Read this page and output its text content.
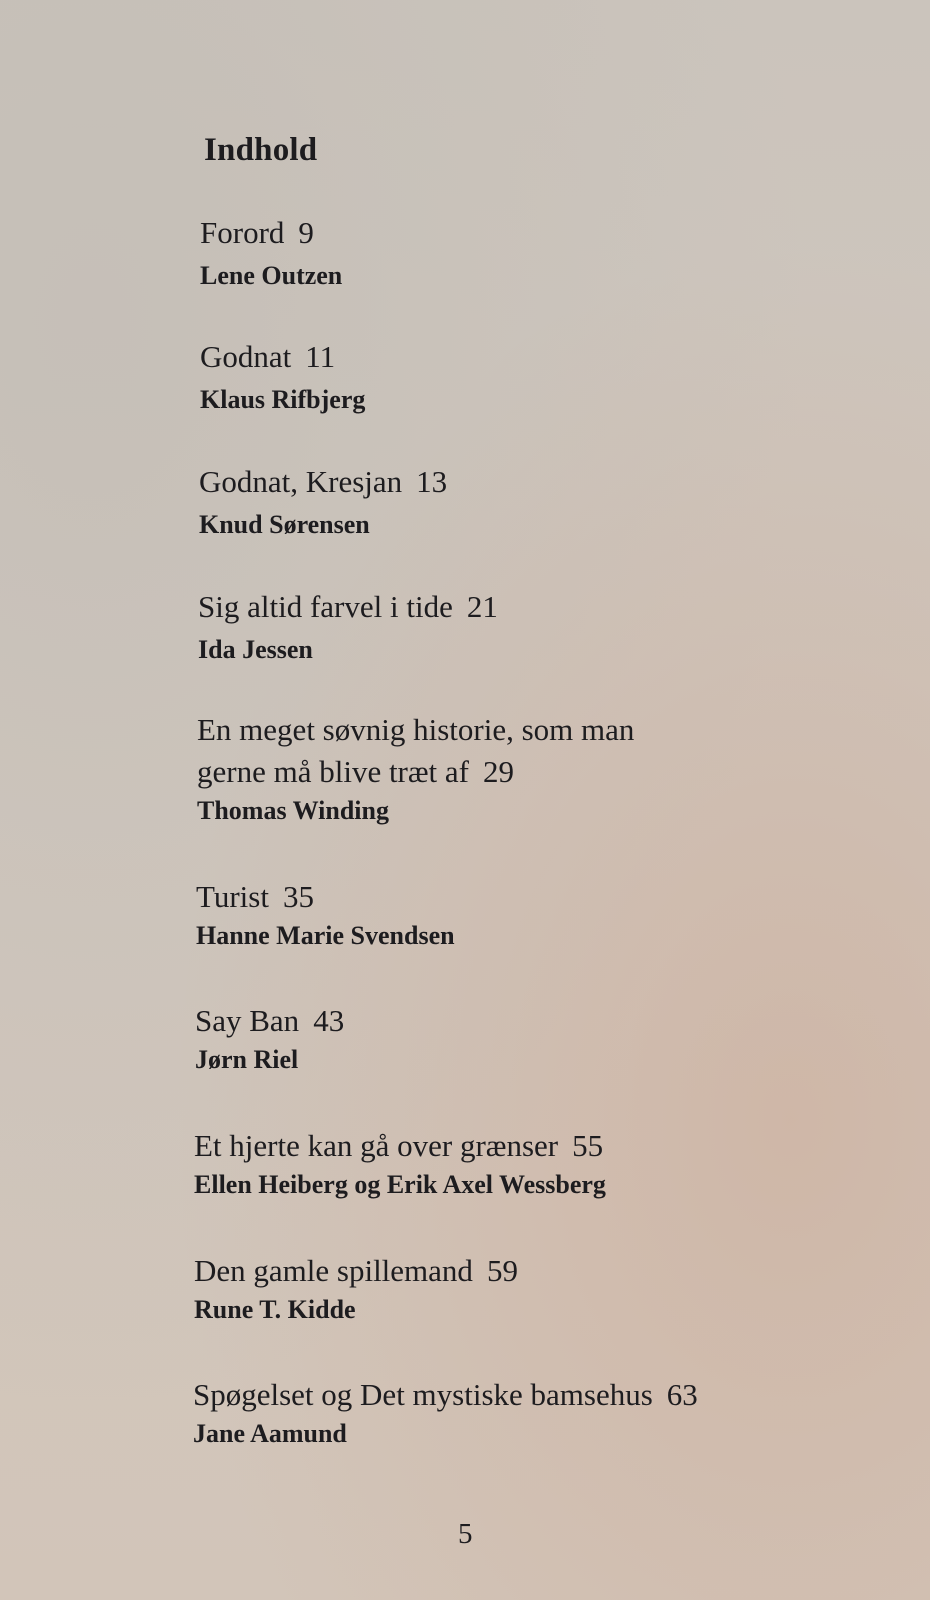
Indhold

Forord 9

Lene Outzen

Godnat 11

Klaus Rifbjerg

Godnat, Kresjan 13

Knud Sørensen

Sig altid farvel i tide 21

Ida Jessen

En meget søvnig historie, som man

gerne må blive træt af 29

Thomas Winding

Turist 35

Hanne Marie Svendsen

Say Ban 43

Jørn Riel

Et hjerte kan gå over grænser 55

Ellen Heiberg og Erik Axel Wessberg

Den gamle spillemand 59

Rune T. Kidde

Spøgelset og Det mystiske bamsehus 63

Jane Aamund

5
